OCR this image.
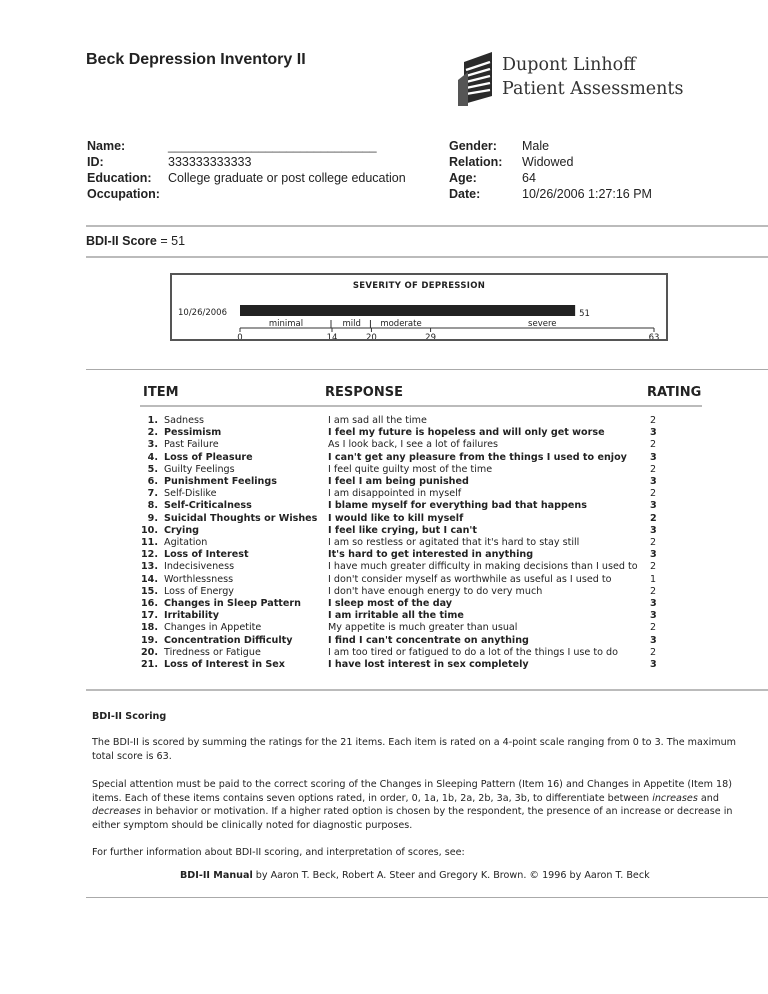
Beck Depression Inventory II	Dupont Linhoff
Patient Assessments
Name:	______________________________
ID:	333333333333
Education: College graduate or post college education
Occupation:
Gender: Male
Relation: Widowed
Age:	64
Date:	10/26/2006 1:27:16 PM
BDI-II Score = 51
SEVERITY OF DEPRESSION
10/26/2006	51
minimal	mild moderate	severe
0	14	20	29	63
ITEM	RESPONSE	RATING
1. Sadness	I am sad all the time	2
2. Pessimism	I feel my future is hopeless and will only get worse	3
3. Past Failure	As I look back, I see a lot of failures	2
4. Loss of Pleasure	I can't get any pleasure from the things I used to enjoy 3
5. Guilty Feelings	I feel quite guilty most of the time	2
6. Punishment Feelings	I feel I am being punished	3
7. Self-Dislike	I am disappointed in myself	2
8. Self-Criticalness	I blame myself for everything bad that happens	3
9. Suicidal Thoughts or Wishes I would like to kill myself	2
10. Crying	I feel like crying, but I can't	3
11. Agitation	I am so restless or agitated that it's hard to stay still	2
12. Loss of Interest	It's hard to get interested in anything	3
13. Indecisiveness	I have much greater difficulty in making decisions than I used to 2
14. Worthlessness	I don't consider myself as worthwhile as useful as I used to	1
15. Loss of Energy	I don't have enough energy to do very much	2
16. Changes in Sleep Pattern	I sleep most of the day	3
17. Irritability	I am irritable all the time	3
18. Changes in Appetite	My appetite is much greater than usual	2
19. Concentration Difficulty	I find I can't concentrate on anything	3
20. Tiredness or Fatigue	I am too tired or fatigued to do a lot of the things I use to do	2
21. Loss of Interest in Sex	I have lost interest in sex completely	3
BDI-II Scoring
The BDI-II is scored by summing the ratings for the 21 items. Each item is rated on a 4-point scale ranging from 0 to 3. The maximum total score is 63.
Special attention must be paid to the correct scoring of the Changes in Sleeping Pattern (Item 16) and Changes in Appetite (Item 18) items. Each of these items contains seven options rated, in order, 0, 1a, 1b, 2a, 2b, 3a, 3b, to differentiate between increases and decreases in behavior or motivation. If a higher rated option is chosen by the respondent, the presence of an increase or decrease in either symptom should be clinically noted for diagnostic purposes.
For further information about BDI-II scoring, and interpretation of scores, see:
BDI-II Manual by Aaron T. Beck, Robert A. Steer and Gregory K. Brown. © 1996 by Aaron T. Beck
